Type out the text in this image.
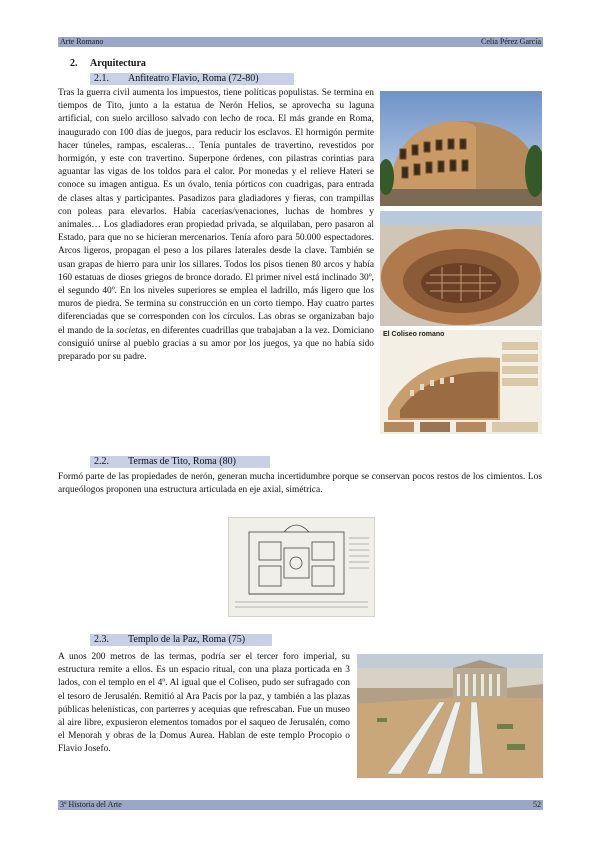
Arte Romano	Celia Pérez García
2. Arquitectura
2.1. Anfiteatro Flavio, Roma (72-80)

Tras la guerra civil aumenta los impuestos, tiene políticas populistas. Se termina en tiempos de Tito, junto a la estatua de Nerón Helios, se aprovecha su laguna artificial, con suelo arcilloso salvado con lecho de roca. El más grande en Roma, inaugurado con 100 días de juegos, para reducir los esclavos. El hormigón permite hacer túneles, rampas, escaleras… Tenía puntales de travertino, revestidos por hormigón, y este con travertino. Superpone órdenes, con pilastras corintias para aguantar las vigas de los toldos para el calor. Por monedas y el relieve Hateri se conoce su imagen antigua. Es un óvalo, tenía pórticos con cuadrigas, para entrada de clases altas y participantes. Pasadizos para gladiadores y fieras, con trampillas con poleas para elevarlos. Había cacerías/venaciones, luchas de hombres y animales… Los gladiadores eran propiedad privada, se alquilaban, pero pasaron al Estado, para que no se hicieran mercenarios. Tenía aforo para 50.000 espectadores. Arcos ligeros, propagan el peso a los pilares laterales desde la clave. También se usan grapas de hierro para unir los sillares. Todos los pisos tienen 80 arcos y había 160 estatuas de dioses griegos de bronce dorado. El primer nivel está inclinado 30º, el segundo 40º. En los niveles superiores se emplea el ladrillo, más ligero que los muros de piedra. Se termina su construcción en un corto tiempo. Hay cuatro partes diferenciadas que se corresponden con los círculos. Las obras se organizaban bajo el mando de la societas, en diferentes cuadrillas que trabajaban a la vez. Domiciano consiguió unirse al pueblo gracias a su amor por los juegos, ya que no había sido preparado por su padre.

El Coliseo romano
2.2. Termas de Tito, Roma (80)

Formó parte de las propiedades de nerón, generan mucha incertidumbre porque se conservan pocos restos de los cimientos. Los arqueólogos proponen una estructura articulada en eje axial, simétrica.

2.3. Templo de la Paz, Roma (75)

A unos 200 metros de las termas, podría ser el tercer foro imperial, su estructura remite a ellos. Es un espacio ritual, con una plaza porticada en 3 lados, con el templo en el 4º. Al igual que el Coliseo, pudo ser sufragado con el tesoro de Jerusalén. Remitió al Ara Pacis por la paz, y también a las plazas públicas helenísticas, con parterres y acequias que refrescaban. Fue un museo al aire libre, expusieron elementos tomados por el saqueo de Jerusalén, como el Menorah y obras de la Domus Aurea. Hablan de este templo Procopio o Flavio Josefo.

3º Historia del Arte	52
